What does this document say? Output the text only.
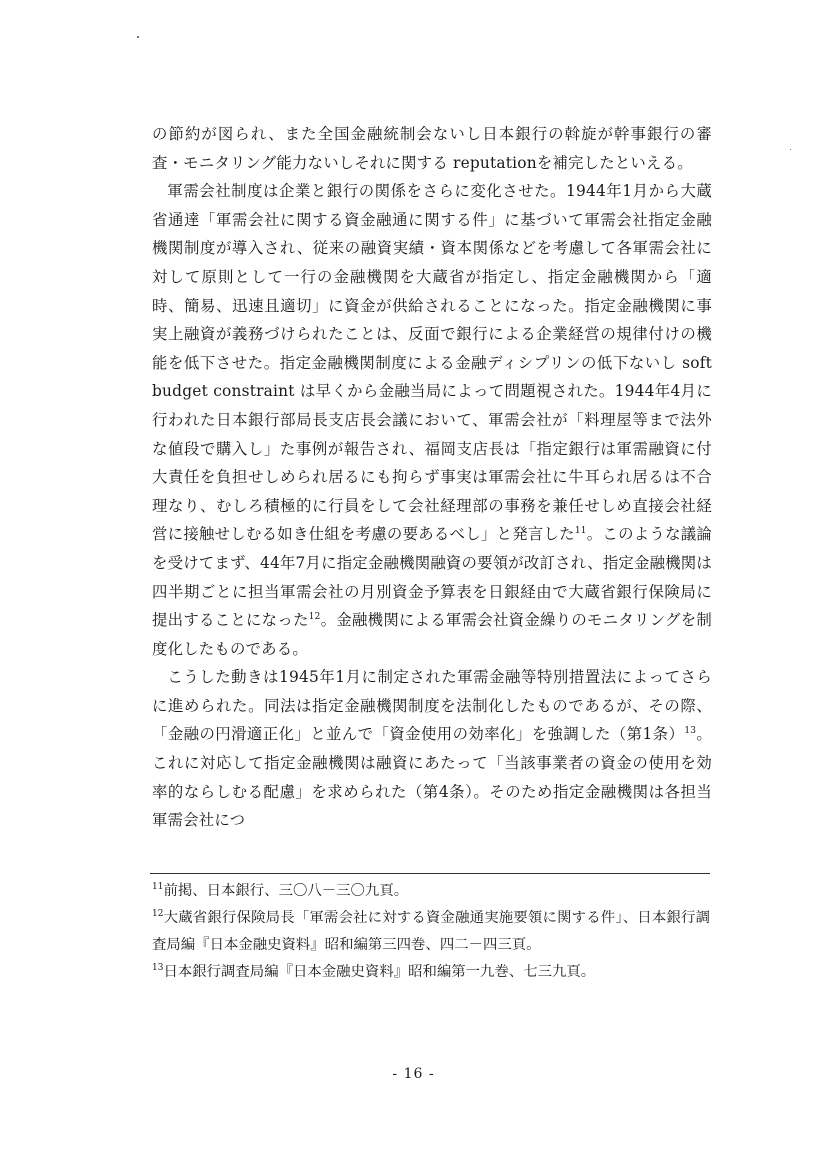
の節約が図られ、また全国金融統制会ないし日本銀行の斡旋が幹事銀行の審査・モニタリング能力ないしそれに関する reputationを補完したといえる。

軍需会社制度は企業と銀行の関係をさらに変化させた。1944年1月から大蔵省通達「軍需会社に関する資金融通に関する件」に基づいて軍需会社指定金融機関制度が導入され、従来の融資実績・資本関係などを考慮して各軍需会社に対して原則として一行の金融機関を大蔵省が指定し、指定金融機関から「適時、簡易、迅速且適切」に資金が供給されることになった。指定金融機関に事実上融資が義務づけられたことは、反面で銀行による企業経営の規律付けの機能を低下させた。指定金融機関制度による金融ディシプリンの低下ないし soft budget constraint は早くから金融当局によって問題視された。1944年4月に行われた日本銀行部局長支店長会議において、軍需会社が「料理屋等まで法外な値段で購入し」た事例が報告され、福岡支店長は「指定銀行は軍需融資に付大責任を負担せしめられ居るにも拘らず事実は軍需会社に牛耳られ居るは不合理なり、むしろ積極的に行員をして会社経理部の事務を兼任せしめ直接会社経営に接触せしむる如き仕組を考慮の要あるべし」と発言した$^{11}$。このような議論を受けてまず、44年7月に指定金融機関融資の要領が改訂され、指定金融機関は四半期ごとに担当軍需会社の月別資金予算表を日銀経由で大蔵省銀行保険局に提出することになった$^{12}$。金融機関による軍需会社資金繰りのモニタリングを制度化したものである。

こうした動きは1945年1月に制定された軍需金融等特別措置法によってさらに進められた。同法は指定金融機関制度を法制化したものであるが、その際、「金融の円滑適正化」と並んで「資金使用の効率化」を強調した（第1条）$^{13}$。これに対応して指定金融機関は融資にあたって「当該事業者の資金の使用を効率的ならしむる配慮」を求められた（第4条）。そのため指定金融機関は各担当軍需会社につ

$^{11}$前掲、日本銀行、三〇八－三〇九頁。

$^{12}$大蔵省銀行保険局長「軍需会社に対する資金融通実施要領に関する件」、日本銀行調査局編『日本金融史資料』昭和編第三四巻、四二－四三頁。

$^{13}$日本銀行調査局編『日本金融史資料』昭和編第一九巻、七三九頁。

- 16 -
